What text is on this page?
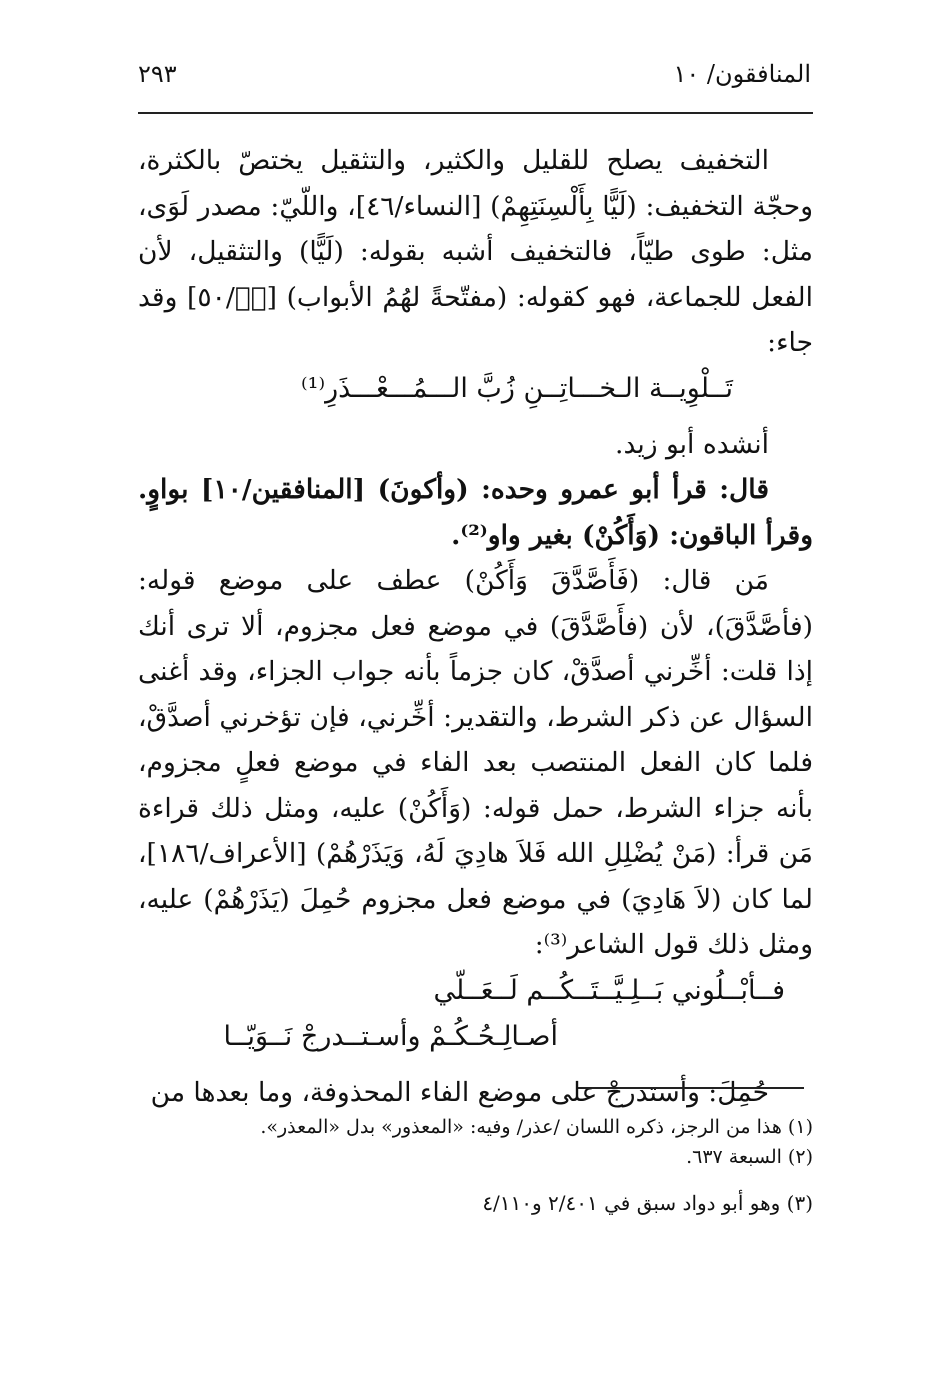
المنافقون/ ١٠
٢٩٣

التخفيف يصلح للقليل والكثير، والتثقيل يختصّ بالكثرة، وحجّة التخفيف: (لَيًّا بِأَلْسِنَتِهِمْ) [النساء/٤٦]، واللّيّ: مصدر لَوَى، مثل: طوى طيّاً، فالتخفيف أشبه بقوله: (لَيًّا) والتثقيل، لأن الفعل للجماعة، فهو كقوله: (مفتّحةً لهُمُ الأبواب) [صۤ/٥٠] وقد جاء:

تَــلْوِيــة الـخـــاتِــنِ زُبَّ الـــمُـــعْـــذَرِ⁽¹⁾

أنشده أبو زيد.

قال: قرأ أبو عمرو وحده: (وأكونَ) [المنافقين/١٠] بواوٍ. وقرأ الباقون: (وَأَكُنْ) بغير واو⁽²⁾.

مَن قال: (فَأَصَّدَّقَ وَأَكُنْ) عطف على موضع قوله: (فأصَّدَّقَ)، لأن (فأَصَّدَّقَ) في موضع فعل مجزوم، ألا ترى أنك إذا قلت: أخِّرني أصدَّقْ، كان جزماً بأنه جواب الجزاء، وقد أغنى السؤال عن ذكر الشرط، والتقدير: أخِّرني، فإن تؤخرني أصدَّقْ، فلما كان الفعل المنتصب بعد الفاء في موضع فعلٍ مجزوم، بأنه جزاء الشرط، حمل قوله: (وَأَكُنْ) عليه، ومثل ذلك قراءة مَن قرأ: (مَنْ يُضْلِلِ الله فَلاَ هادِيَ لَهُ، وَيَذَرْهُمْ) [الأعراف/١٨٦]، لما كان (لاَ هَادِيَ) في موضع فعل مجزوم حُمِلَ (يَذَرْهُمْ) عليه، ومثل ذلك قول الشاعر⁽³⁾:

فــأبْــلُوني بَــلِـيَّــتَــكُــم لَــعَــلّي

أصـالِـحُـكُـمْ وأسـتــدرجْ نَــوَيّــا

حُمِلَ: وأستدرجْ على موضع الفاء المحذوفة، وما بعدها من

(١) هذا من الرجز، ذكره اللسان /عذر/ وفيه: «المعذور» بدل «المعذر».

(٢) السبعة ٦٣٧.

(٣) وهو أبو دواد سبق في ٢/٤٠١ و٤/١١٠
